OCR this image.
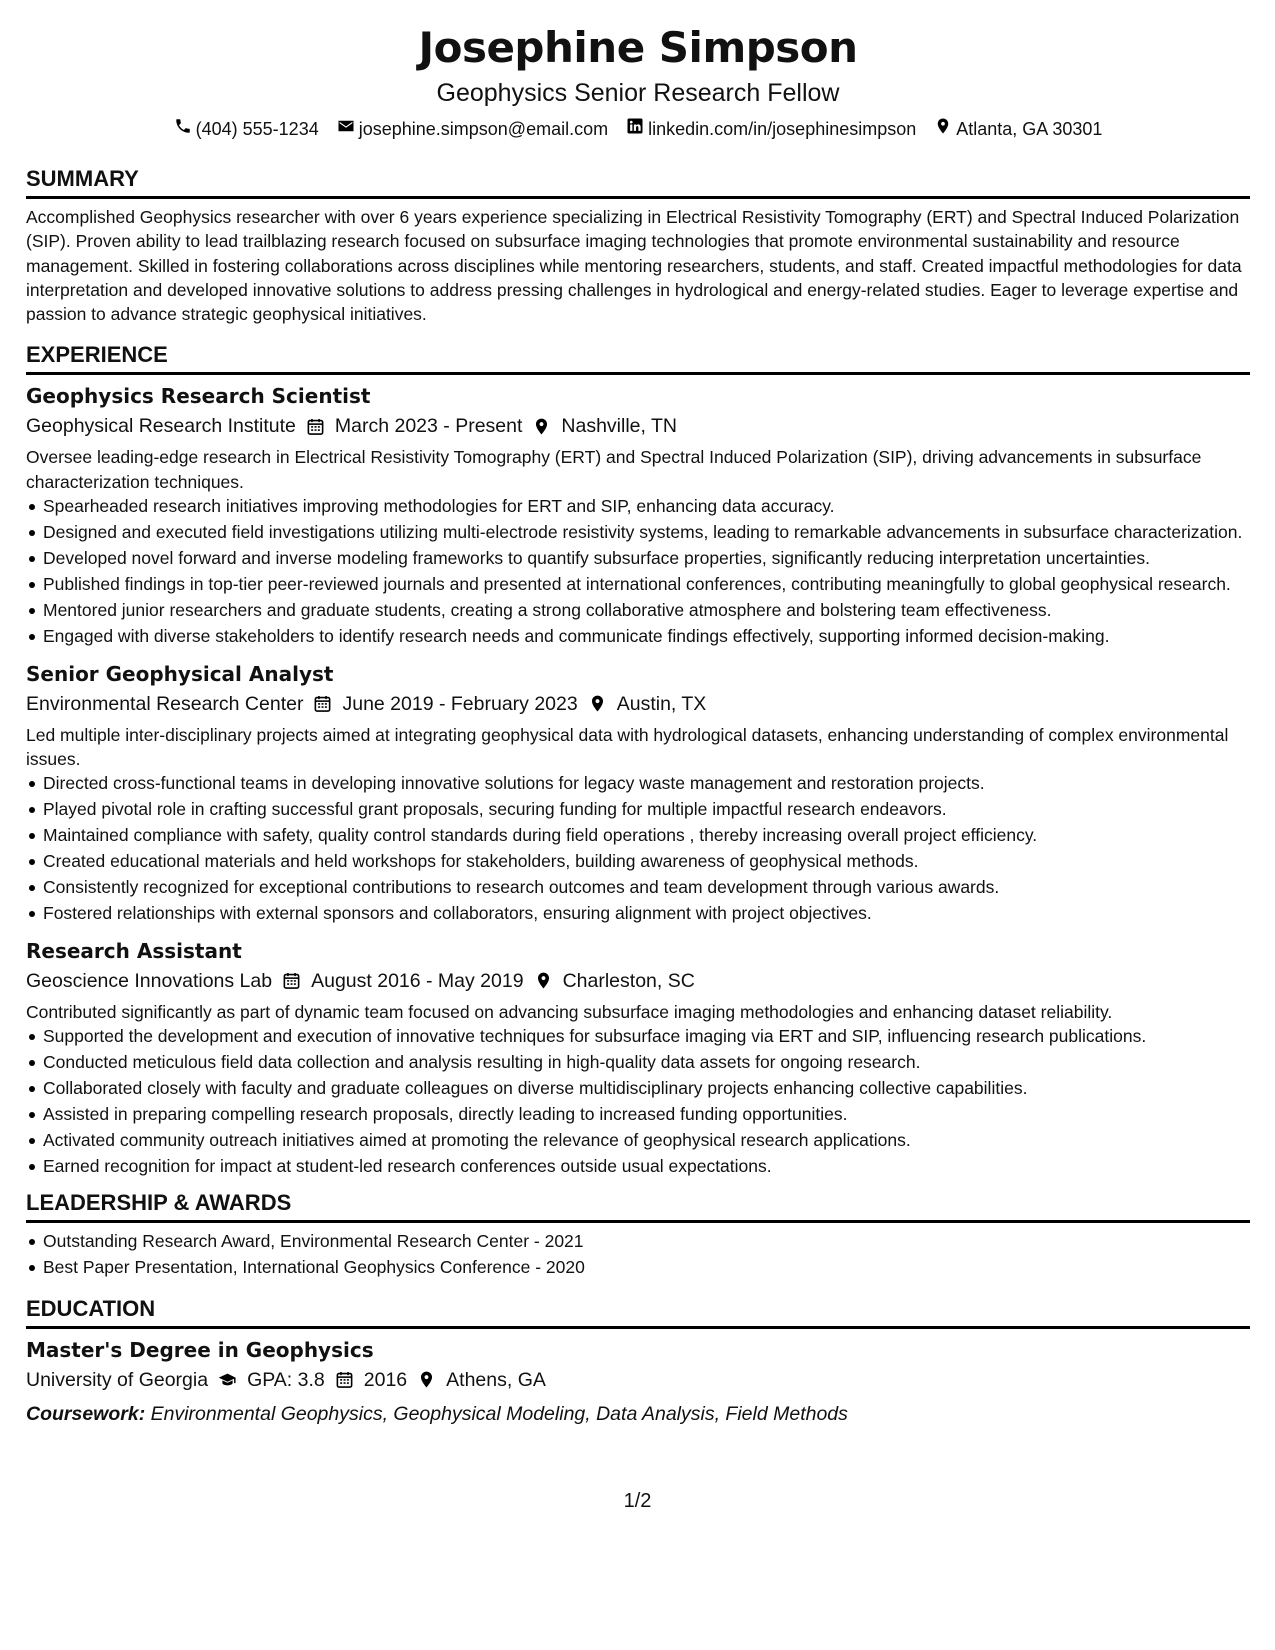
Josephine Simpson
Geophysics Senior Research Fellow
(404) 555-1234 josephine.simpson@email.com linkedin.com/in/josephinesimpson Atlanta, GA 30301
SUMMARY

Accomplished Geophysics researcher with over 6 years experience specializing in Electrical Resistivity Tomography (ERT) and Spectral Induced Polarization (SIP). Proven ability to lead trailblazing research focused on subsurface imaging technologies that promote environmental sustainability and resource management. Skilled in fostering collaborations across disciplines while mentoring researchers, students, and staff. Created impactful methodologies for data interpretation and developed innovative solutions to address pressing challenges in hydrological and energy-related studies. Eager to leverage expertise and passion to advance strategic geophysical initiatives.

EXPERIENCE
Geophysics Research Scientist
Geophysical Research Institute March 2023 - Present Nashville, TN

Oversee leading-edge research in Electrical Resistivity Tomography (ERT) and Spectral Induced Polarization (SIP), driving advancements in subsurface characterization techniques.

Spearheaded research initiatives improving methodologies for ERT and SIP, enhancing data accuracy.
Designed and executed field investigations utilizing multi-electrode resistivity systems, leading to remarkable advancements in subsurface characterization.
Developed novel forward and inverse modeling frameworks to quantify subsurface properties, significantly reducing interpretation uncertainties.
Published findings in top-tier peer-reviewed journals and presented at international conferences, contributing meaningfully to global geophysical research.
Mentored junior researchers and graduate students, creating a strong collaborative atmosphere and bolstering team effectiveness.
Engaged with diverse stakeholders to identify research needs and communicate findings effectively, supporting informed decision-making.
Senior Geophysical Analyst
Environmental Research Center June 2019 - February 2023 Austin, TX

Led multiple inter-disciplinary projects aimed at integrating geophysical data with hydrological datasets, enhancing understanding of complex environmental issues.

Directed cross-functional teams in developing innovative solutions for legacy waste management and restoration projects.
Played pivotal role in crafting successful grant proposals, securing funding for multiple impactful research endeavors.
Maintained compliance with safety, quality control standards during field operations , thereby increasing overall project efficiency.
Created educational materials and held workshops for stakeholders, building awareness of geophysical methods.
Consistently recognized for exceptional contributions to research outcomes and team development through various awards.
Fostered relationships with external sponsors and collaborators, ensuring alignment with project objectives.
Research Assistant
Geoscience Innovations Lab August 2016 - May 2019 Charleston, SC

Contributed significantly as part of dynamic team focused on advancing subsurface imaging methodologies and enhancing dataset reliability.

Supported the development and execution of innovative techniques for subsurface imaging via ERT and SIP, influencing research publications.
Conducted meticulous field data collection and analysis resulting in high-quality data assets for ongoing research.
Collaborated closely with faculty and graduate colleagues on diverse multidisciplinary projects enhancing collective capabilities.
Assisted in preparing compelling research proposals, directly leading to increased funding opportunities.
Activated community outreach initiatives aimed at promoting the relevance of geophysical research applications.
Earned recognition for impact at student-led research conferences outside usual expectations.
LEADERSHIP & AWARDS
Outstanding Research Award, Environmental Research Center - 2021
Best Paper Presentation, International Geophysics Conference - 2020
EDUCATION
Master's Degree in Geophysics
University of Georgia GPA: 3.8 2016 Athens, GA

Coursework: Environmental Geophysics, Geophysical Modeling, Data Analysis, Field Methods

1/2
